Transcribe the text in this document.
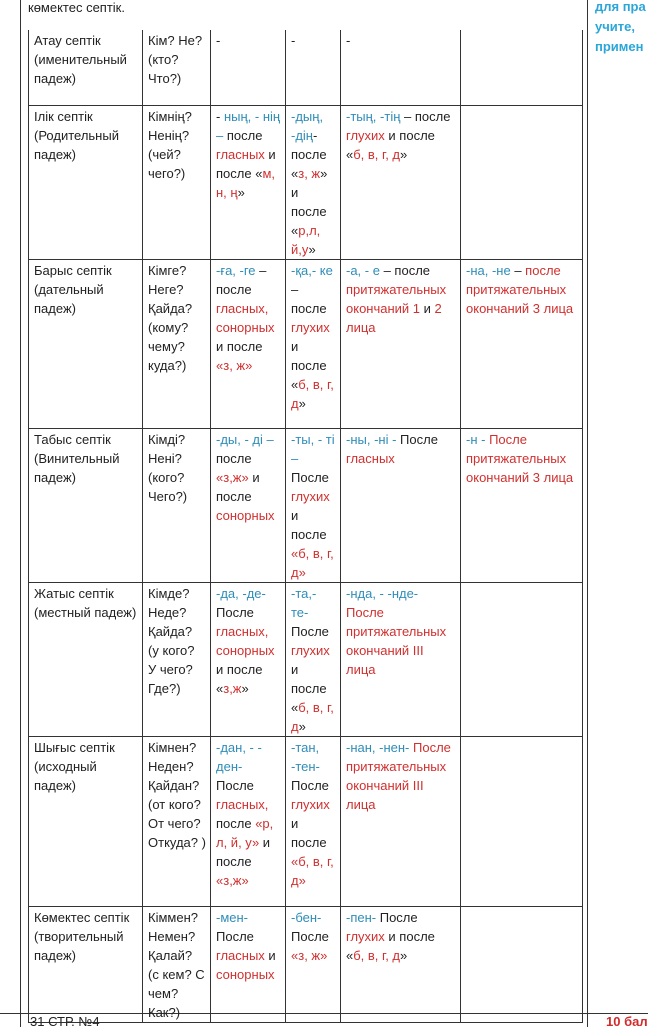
көмектес септік.	для пра
учите,
примен
Атау септік (именительный падеж)	Кім? Не? (кто? Что?)	-	-	-	
Ілік септік (Родительный падеж)	Кімнің? Ненің? (чей? чего?)	- ның, - нің – после гласных и после «м, н, ң»	-дың, -дің- после «з, ж» и после «р,л, й,у»	-тың, -тің – после глухих и после «б, в, г, д»	
Барыс септік (дательный падеж)	Кімге? Неге? Қайда? (кому? чему? куда?)	-ға, -ге – после гласных, сонорных и после «з, ж»	-қа,- ке – после глухих и после «б, в, г, д»	-а, - е – после притяжательных окончаний 1 и 2 лица	-на, -не – после притяжательных окончаний 3 лица
Табыс септік (Винительный падеж)	Кімді? Нені? (кого? Чего?)	-ды, - ді – после «з,ж» и после сонорных	-ты, - ті – После глухих и после «б, в, г, д»	-ны, -ні - После гласных	-н - После притяжательных окончаний 3 лица
Жатыс септік (местный падеж)	Кімде? Неде? Қайда? (у кого? У чего? Где?)	-да, -де- После гласных, сонорных и после «з,ж»	-та,- те- После глухих и после «б, в, г, д»	-нда, - -нде- После притяжательных окончаний III лица	
Шығыс септік (исходный падеж)	Кімнен? Неден? Қайдан? (от кого? От чего? Откуда? )	-дан, - - ден- После гласных, после «р, л, й, у» и после «з,ж»	-тан, -тен- После глухих и после «б, в, г, д»	-нан, -нен- После притяжательных окончаний III лица	
Көмектес септік (творительный падеж)	Кіммен? Немен? Қалай? (с кем? С чем? Как?)	-мен- После гласных и сонорных	-бен- После «з, ж»	-пен- После глухих и после «б, в, г, д»	
31 СТР. №4	10 бал
